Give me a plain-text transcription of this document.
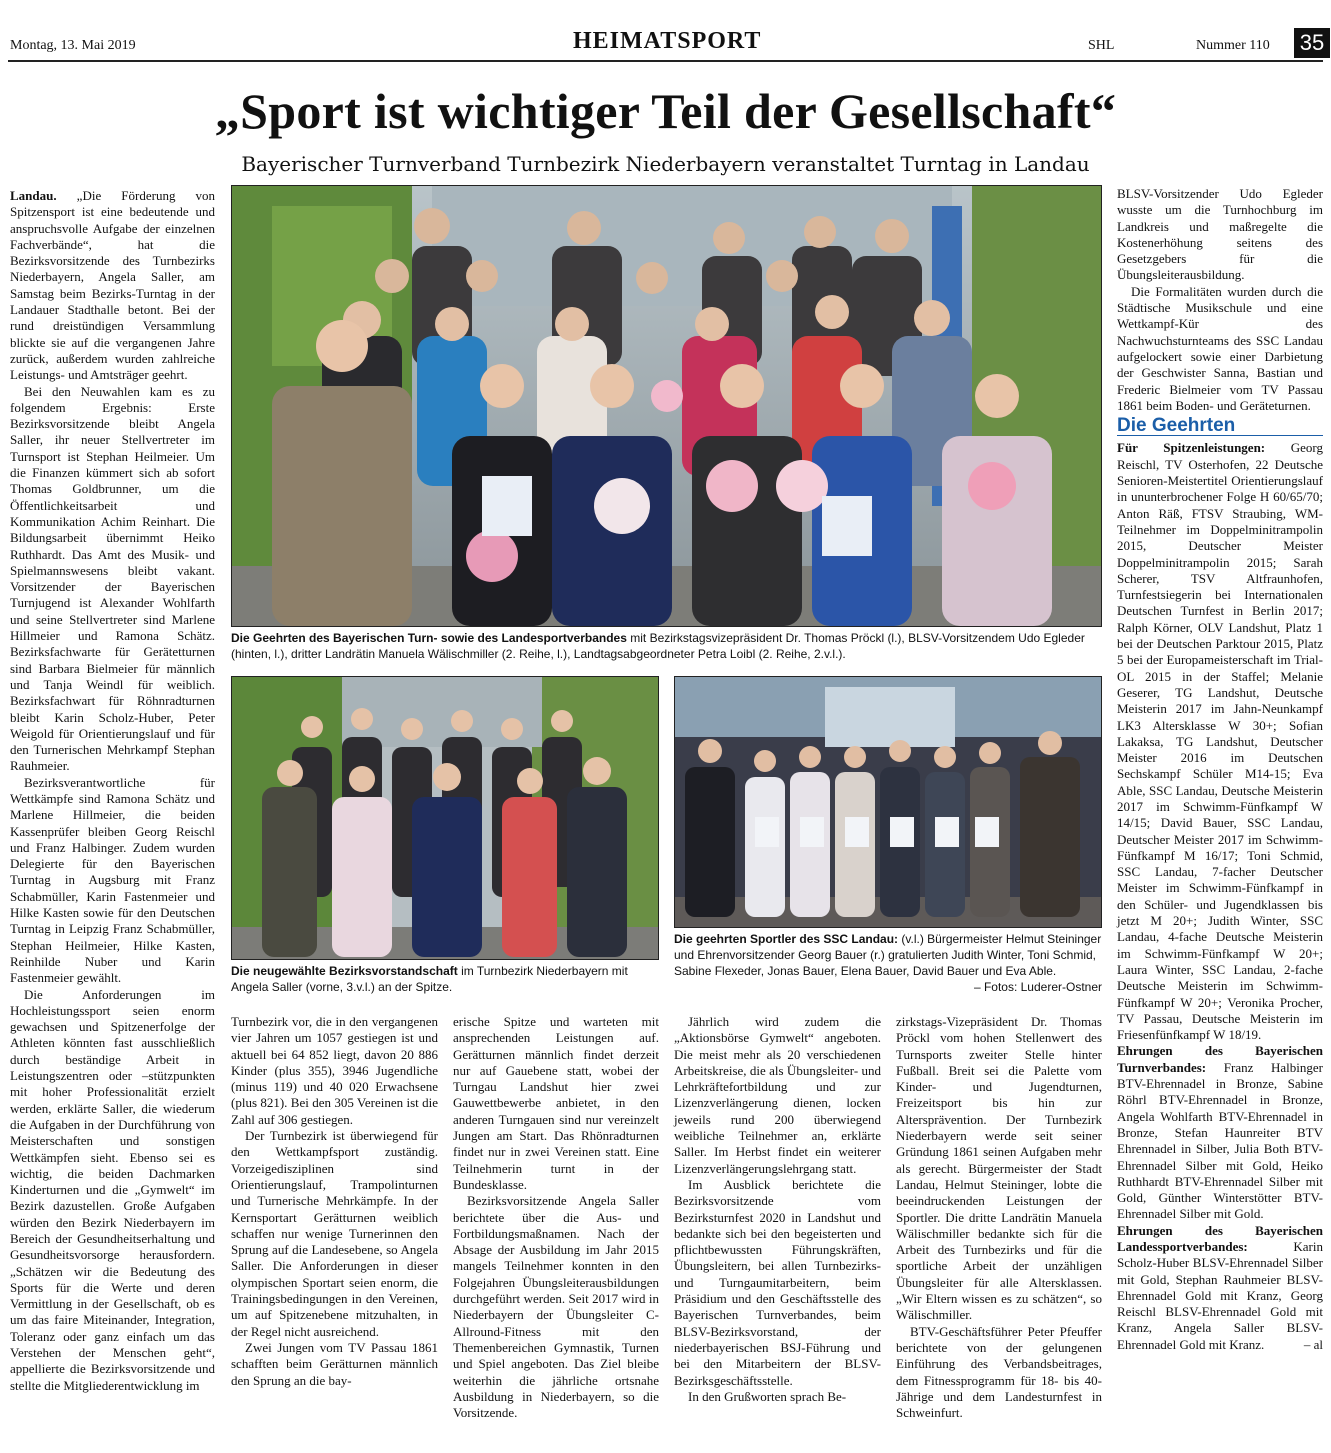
Montag, 13. Mai 2019	HEIMATSPORT	SHL	Nummer 110 35
„Sport ist wichtiger Teil der Gesellschaft“
Bayerischer Turnverband Turnbezirk Niederbayern veranstaltet Turntag in Landau

Landau. „Die Förderung von Spitzensport ist eine bedeutende und anspruchsvolle Aufgabe der einzelnen Fachverbände“, hat die Bezirksvorsitzende des Turnbezirks Niederbayern, Angela Saller, am Samstag beim Bezirks-Turntag in der Landauer Stadthalle betont. Bei der rund dreistündigen Versammlung blickte sie auf die vergangenen Jahre zurück, außerdem wurden zahlreiche Leistungs- und Amtsträger geehrt.

Bei den Neuwahlen kam es zu folgendem Ergebnis: Erste Bezirksvorsitzende bleibt Angela Saller, ihr neuer Stellvertreter im Turnsport ist Stephan Heilmeier. Um die Finanzen kümmert sich ab sofort Thomas Goldbrunner, um die Öffentlichkeitsarbeit und Kommunikation Achim Reinhart. Die Bildungsarbeit übernimmt Heiko Ruthhardt. Das Amt des Musik- und Spielmannswesens bleibt vakant. Vorsitzender der Bayerischen Turnjugend ist Alexander Wohlfarth und seine Stellvertreter sind Marlene Hillmeier und Ramona Schätz. Bezirksfachwarte für Gerätetturnen sind Barbara Bielmeier für männlich und Tanja Weindl für weiblich. Bezirksfachwart für Röhnradturnen bleibt Karin Scholz-Huber, Peter Weigold für Orientierungslauf und für den Turnerischen Mehrkampf Stephan Rauhmeier.

Bezirksverantwortliche für Wettkämpfe sind Ramona Schätz und Marlene Hillmeier, die beiden Kassenprüfer bleiben Georg Reischl und Franz Halbinger. Zudem wurden Delegierte für den Bayerischen Turntag in Augsburg mit Franz Schabmüller, Karin Fastenmeier und Hilke Kasten sowie für den Deutschen Turntag in Leipzig Franz Schabmüller, Stephan Heilmeier, Hilke Kasten, Reinhilde Nuber und Karin Fastenmeier gewählt.

Die Anforderungen im Hochleistungssport seien enorm gewachsen und Spitzenerfolge der Athleten könnten fast ausschließlich durch beständige Arbeit in Leistungszentren oder –stützpunkten mit hoher Professionalität erzielt werden, erklärte Saller, die wiederum die Aufgaben in der Durchführung von Meisterschaften und sonstigen Wettkämpfen sieht. Ebenso sei es wichtig, die beiden Dachmarken Kinderturnen und die „Gymwelt“ im Bezirk dazustellen. Große Aufgaben würden den Bezirk Niederbayern im Bereich der Gesundheitserhaltung und Gesundheitsvorsorge herausfordern. „Schätzen wir die Bedeutung des Sports für die Werte und deren Vermittlung in der Gesellschaft, ob es um das faire Miteinander, Integration, Toleranz oder ganz einfach um das Verstehen der Menschen geht“, appellierte die Bezirksvorsitzende und stellte die Mitgliederentwicklung im

Die Geehrten des Bayerischen Turn- sowie des Landesportverbandes mit Bezirkstagsvizepräsident Dr. Thomas Pröckl (l.), BLSV-Vorsitzendem Udo Egleder (hinten, l.), dritter Landrätin Manuela Wälischmiller (2. Reihe, l.), Landtagsabgeordneter Petra Loibl (2. Reihe, 2.v.l.).
Die neugewählte Bezirksvorstandschaft im Turnbezirk Niederbayern mit Angela Saller (vorne, 3.v.l.) an der Spitze.
Die geehrten Sportler des SSC Landau: (v.l.) Bürgermeister Helmut Steininger und Ehrenvorsitzender Georg Bauer (r.) gratulierten Judith Winter, Toni Schmid, Sabine Flexeder, Jonas Bauer, Elena Bauer, David Bauer und Eva Able.
– Fotos: Luderer-Ostner

Turnbezirk vor, die in den vergangenen vier Jahren um 1057 gestiegen ist und aktuell bei 64 852 liegt, davon 20 886 Kinder (plus 355), 3946 Jugendliche (minus 119) und 40 020 Erwachsene (plus 821). Bei den 305 Vereinen ist die Zahl auf 306 gestiegen.

Der Turnbezirk ist überwiegend für den Wettkampfsport zuständig. Vorzeigedisziplinen sind Orientierungslauf, Trampolinturnen und Turnerische Mehrkämpfe. In der Kernsportart Gerätturnen weiblich schaffen nur wenige Turnerinnen den Sprung auf die Landesebene, so Angela Saller. Die Anforderungen in dieser olympischen Sportart seien enorm, die Trainingsbedingungen in den Vereinen, um auf Spitzenebene mitzuhalten, in der Regel nicht ausreichend.

Zwei Jungen vom TV Passau 1861 schafften beim Gerätturnen männlich den Sprung an die bay-

erische Spitze und warteten mit ansprechenden Leistungen auf. Gerätturnen männlich findet derzeit nur auf Gauebene statt, wobei der Turngau Landshut hier zwei Gauwettbewerbe anbietet, in den anderen Turngauen sind nur vereinzelt Jungen am Start. Das Rhönradturnen findet nur in zwei Vereinen statt. Eine Teilnehmerin turnt in der Bundesklasse.

Bezirksvorsitzende Angela Saller berichtete über die Aus- und Fortbildungsmaßnamen. Nach der Absage der Ausbildung im Jahr 2015 mangels Teilnehmer konnten in den Folgejahren Übungsleiterausbildungen durchgeführt werden. Seit 2017 wird in Niederbayern der Übungsleiter C-Allround-Fitness mit den Themenbereichen Gymnastik, Turnen und Spiel angeboten. Das Ziel bleibe weiterhin die jährliche ortsnahe Ausbildung in Niederbayern, so die Vorsitzende.

Jährlich wird zudem die „Aktionsbörse Gymwelt“ angeboten. Die meist mehr als 20 verschiedenen Arbeitskreise, die als Übungsleiter- und Lehrkräftefortbildung und zur Lizenzverlängerung dienen, locken jeweils rund 200 überwiegend weibliche Teilnehmer an, erklärte Saller. Im Herbst findet ein weiterer Lizenzverlängerungslehrgang statt.

Im Ausblick berichtete die Bezirksvorsitzende vom Bezirksturnfest 2020 in Landshut und bedankte sich bei den begeisterten und pflichtbewussten Führungskräften, Übungsleitern, bei allen Turnbezirks- und Turngaumitarbeitern, beim Präsidium und den Geschäftsstelle des Bayerischen Turnverbandes, beim BLSV-Bezirksvorstand, der niederbayerischen BSJ-Führung und bei den Mitarbeitern der BLSV-Bezirksgeschäftsstelle.

In den Grußworten sprach Be-

zirkstags-Vizepräsident Dr. Thomas Pröckl vom hohen Stellenwert des Turnsports zweiter Stelle hinter Fußball. Breit sei die Palette vom Kinder- und Jugendturnen, Freizeitsport bis hin zur Altersprävention. Der Turnbezirk Niederbayern werde seit seiner Gründung 1861 seinen Aufgaben mehr als gerecht. Bürgermeister der Stadt Landau, Helmut Steininger, lobte die beeindruckenden Leistungen der Sportler. Die dritte Landrätin Manuela Wälischmiller bedankte sich für die Arbeit des Turnbezirks und für die sportliche Arbeit der unzähligen Übungsleiter für alle Altersklassen. „Wir Eltern wissen es zu schätzen“, so Wälischmiller.

BTV-Geschäftsführer Peter Pfeuffer berichtete von der gelungenen Einführung des Verbandsbeitrages, dem Fitnessprogramm für 18- bis 40-Jährige und dem Landesturnfest in Schweinfurt.

BLSV-Vorsitzender Udo Egleder wusste um die Turnhochburg im Landkreis und maßregelte die Kostenerhöhung seitens des Gesetzgebers für die Übungsleiterausbildung.

Die Formalitäten wurden durch die Städtische Musikschule und eine Wettkampf-Kür des Nachwuchsturnteams des SSC Landau aufgelockert sowie einer Darbietung der Geschwister Sanna, Bastian und Frederic Bielmeier vom TV Passau 1861 beim Boden- und Geräteturnen.

Die Geehrten

Für Spitzenleistungen: Georg Reischl, TV Osterhofen, 22 Deutsche Senioren-Meistertitel Orientierungslauf in ununterbrochener Folge H 60/65/70; Anton Räß, FTSV Straubing, WM-Teilnehmer im Doppelminitrampolin 2015, Deutscher Meister Doppelminitrampolin 2015; Sarah Scherer, TSV Altfraunhofen, Turnfestsiegerin bei Internationalen Deutschen Turnfest in Berlin 2017; Ralph Körner, OLV Landshut, Platz 1 bei der Deutschen Parktour 2015, Platz 5 bei der Europameisterschaft im Trial-OL 2015 in der Staffel; Melanie Geserer, TG Landshut, Deutsche Meisterin 2017 im Jahn-Neunkampf LK3 Altersklasse W 30+; Sofian Lakaksa, TG Landshut, Deutscher Meister 2016 im Deutschen Sechskampf Schüler M14-15; Eva Able, SSC Landau, Deutsche Meisterin 2017 im Schwimm-Fünfkampf W 14/15; David Bauer, SSC Landau, Deutscher Meister 2017 im Schwimm-Fünfkampf M 16/17; Toni Schmid, SSC Landau, 7-facher Deutscher Meister im Schwimm-Fünfkampf in den Schüler- und Jugendklassen bis jetzt M 20+; Judith Winter, SSC Landau, 4-fache Deutsche Meisterin im Schwimm-Fünfkampf W 20+; Laura Winter, SSC Landau, 2-fache Deutsche Meisterin im Schwimm-Fünfkampf W 20+; Veronika Procher, TV Passau, Deutsche Meisterin im Friesenfünfkampf W 18/19.

Ehrungen des Bayerischen Turnverbandes: Franz Halbinger BTV-Ehrennadel in Bronze, Sabine Röhrl BTV-Ehrennadel in Bronze, Angela Wohlfarth BTV-Ehrennadel in Bronze, Stefan Haunreiter BTV Ehrennadel in Silber, Julia Both BTV-Ehrennadel Silber mit Gold, Heiko Ruthhardt BTV-Ehrennadel Silber mit Gold, Günther Winterstötter BTV-Ehrennadel Silber mit Gold.

Ehrungen des Bayerischen Landessportverbandes: Karin Scholz-Huber BLSV-Ehrennadel Silber mit Gold, Stephan Rauhmeier BLSV-Ehrennadel Gold mit Kranz, Georg Reischl BLSV-Ehrennadel Gold mit Kranz, Angela Saller BLSV-Ehrennadel Gold mit Kranz.	– al
